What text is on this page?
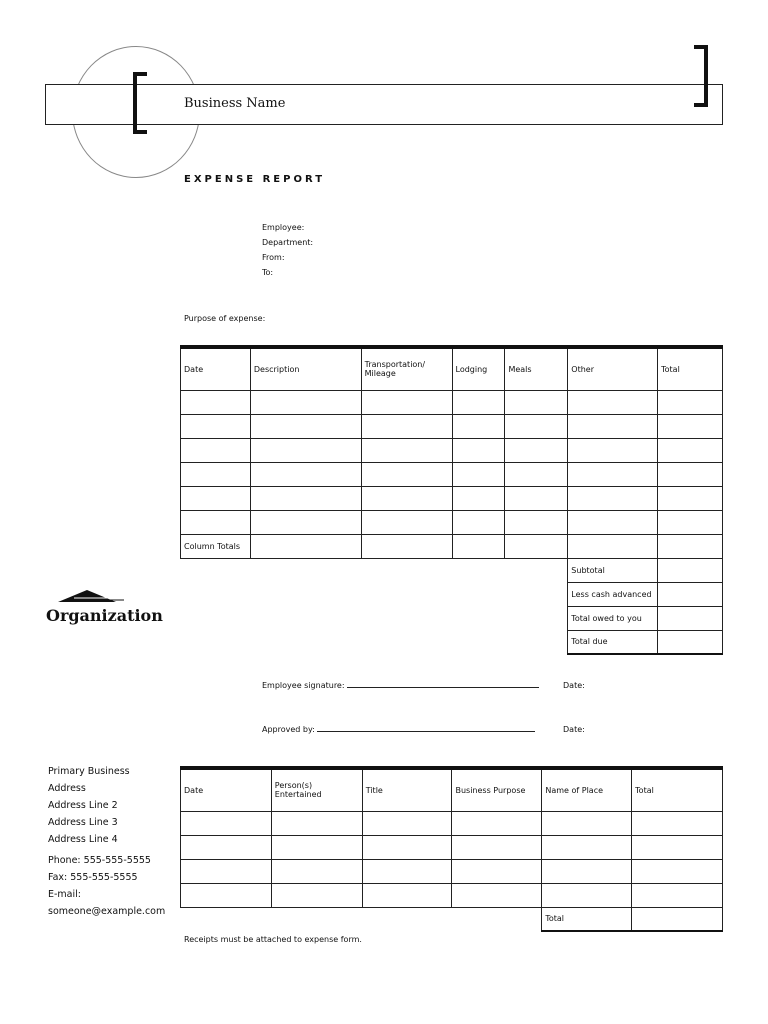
Business Name
EXPENSE REPORT
Employee:
Department:
From:
To:
Purpose of expense:
Date	Description	Transportation/ Mileage	Lodging	Meals	Other	Total

Column Totals						
					Subtotal	
					Less cash advanced	
					Total owed to you	
					Total due	
Organization
Employee signature:	Date:
Approved by:	Date:
Primary Business Address
Address Line 2
Address Line 3
Address Line 4
Phone: 555-555-5555
Fax: 555-555-5555
E-mail: someone@example.com
Date	Person(s) Entertained	Title	Business Purpose	Name of Place	Total

				Total	
Receipts must be attached to expense form.
